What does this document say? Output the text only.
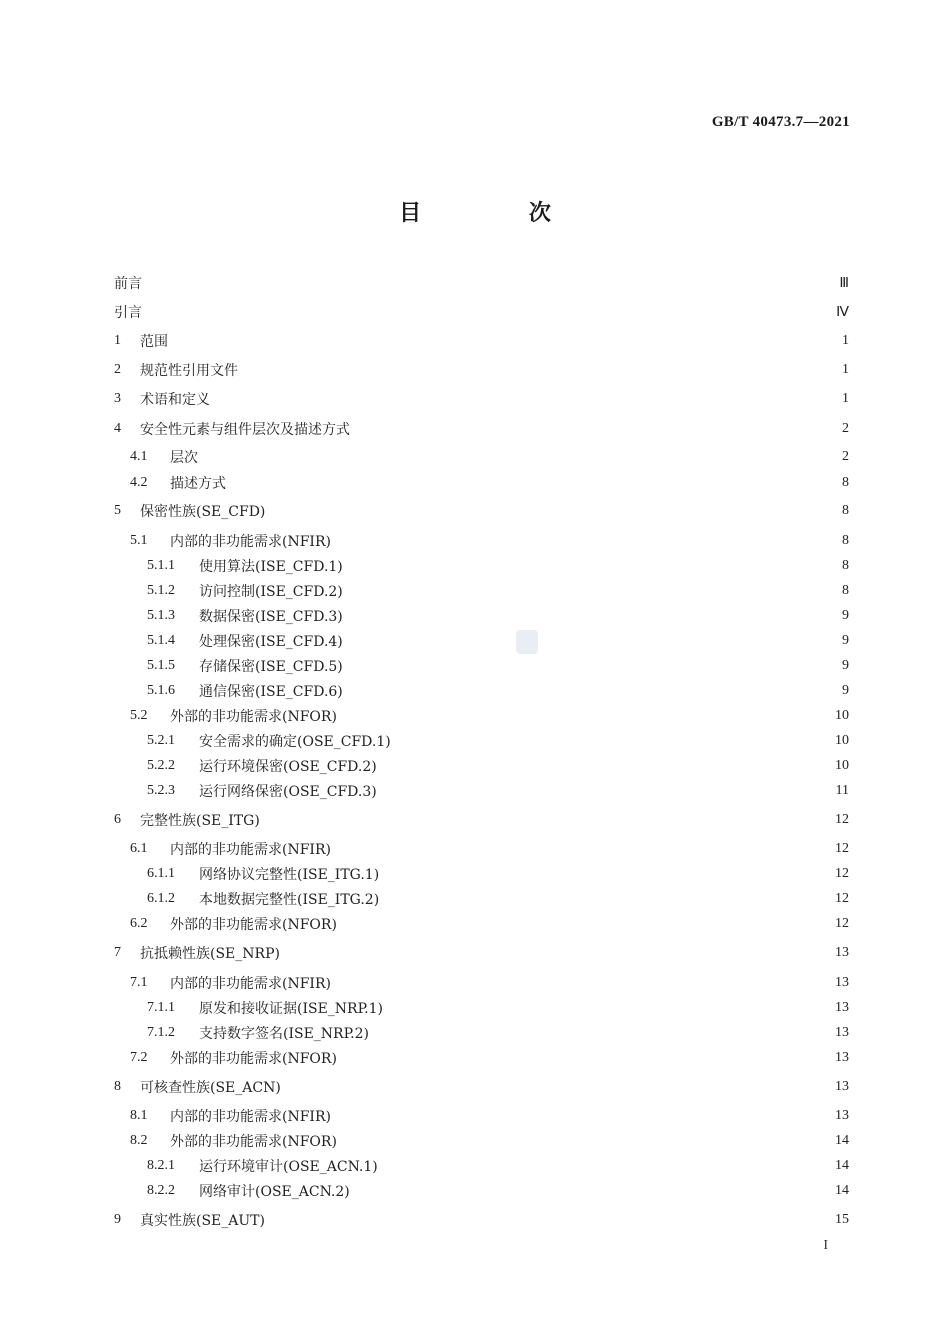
GB/T 40473.7—2021
目 次
前言	Ⅲ
引言	Ⅳ
1	范围	1
2	规范性引用文件	1
3	术语和定义	1
4	安全性元素与组件层次及描述方式	2
4.1	层次	2
4.2	描述方式	8
5	保密性族(SE_CFD)	8
5.1	内部的非功能需求(NFIR)	8
5.1.1	使用算法(ISE_CFD.1)	8
5.1.2	访问控制(ISE_CFD.2)	8
5.1.3	数据保密(ISE_CFD.3)	9
5.1.4	处理保密(ISE_CFD.4)	9
5.1.5	存储保密(ISE_CFD.5)	9
5.1.6	通信保密(ISE_CFD.6)	9
5.2	外部的非功能需求(NFOR)	10
5.2.1	安全需求的确定(OSE_CFD.1)	10
5.2.2	运行环境保密(OSE_CFD.2)	10
5.2.3	运行网络保密(OSE_CFD.3)	11
6	完整性族(SE_ITG)	12
6.1	内部的非功能需求(NFIR)	12
6.1.1	网络协议完整性(ISE_ITG.1)	12
6.1.2	本地数据完整性(ISE_ITG.2)	12
6.2	外部的非功能需求(NFOR)	12
7	抗抵赖性族(SE_NRP)	13
7.1	内部的非功能需求(NFIR)	13
7.1.1	原发和接收证据(ISE_NRP.1)	13
7.1.2	支持数字签名(ISE_NRP.2)	13
7.2	外部的非功能需求(NFOR)	13
8	可核查性族(SE_ACN)	13
8.1	内部的非功能需求(NFIR)	13
8.2	外部的非功能需求(NFOR)	14
8.2.1	运行环境审计(OSE_ACN.1)	14
8.2.2	网络审计(OSE_ACN.2)	14
9	真实性族(SE_AUT)	15
I
